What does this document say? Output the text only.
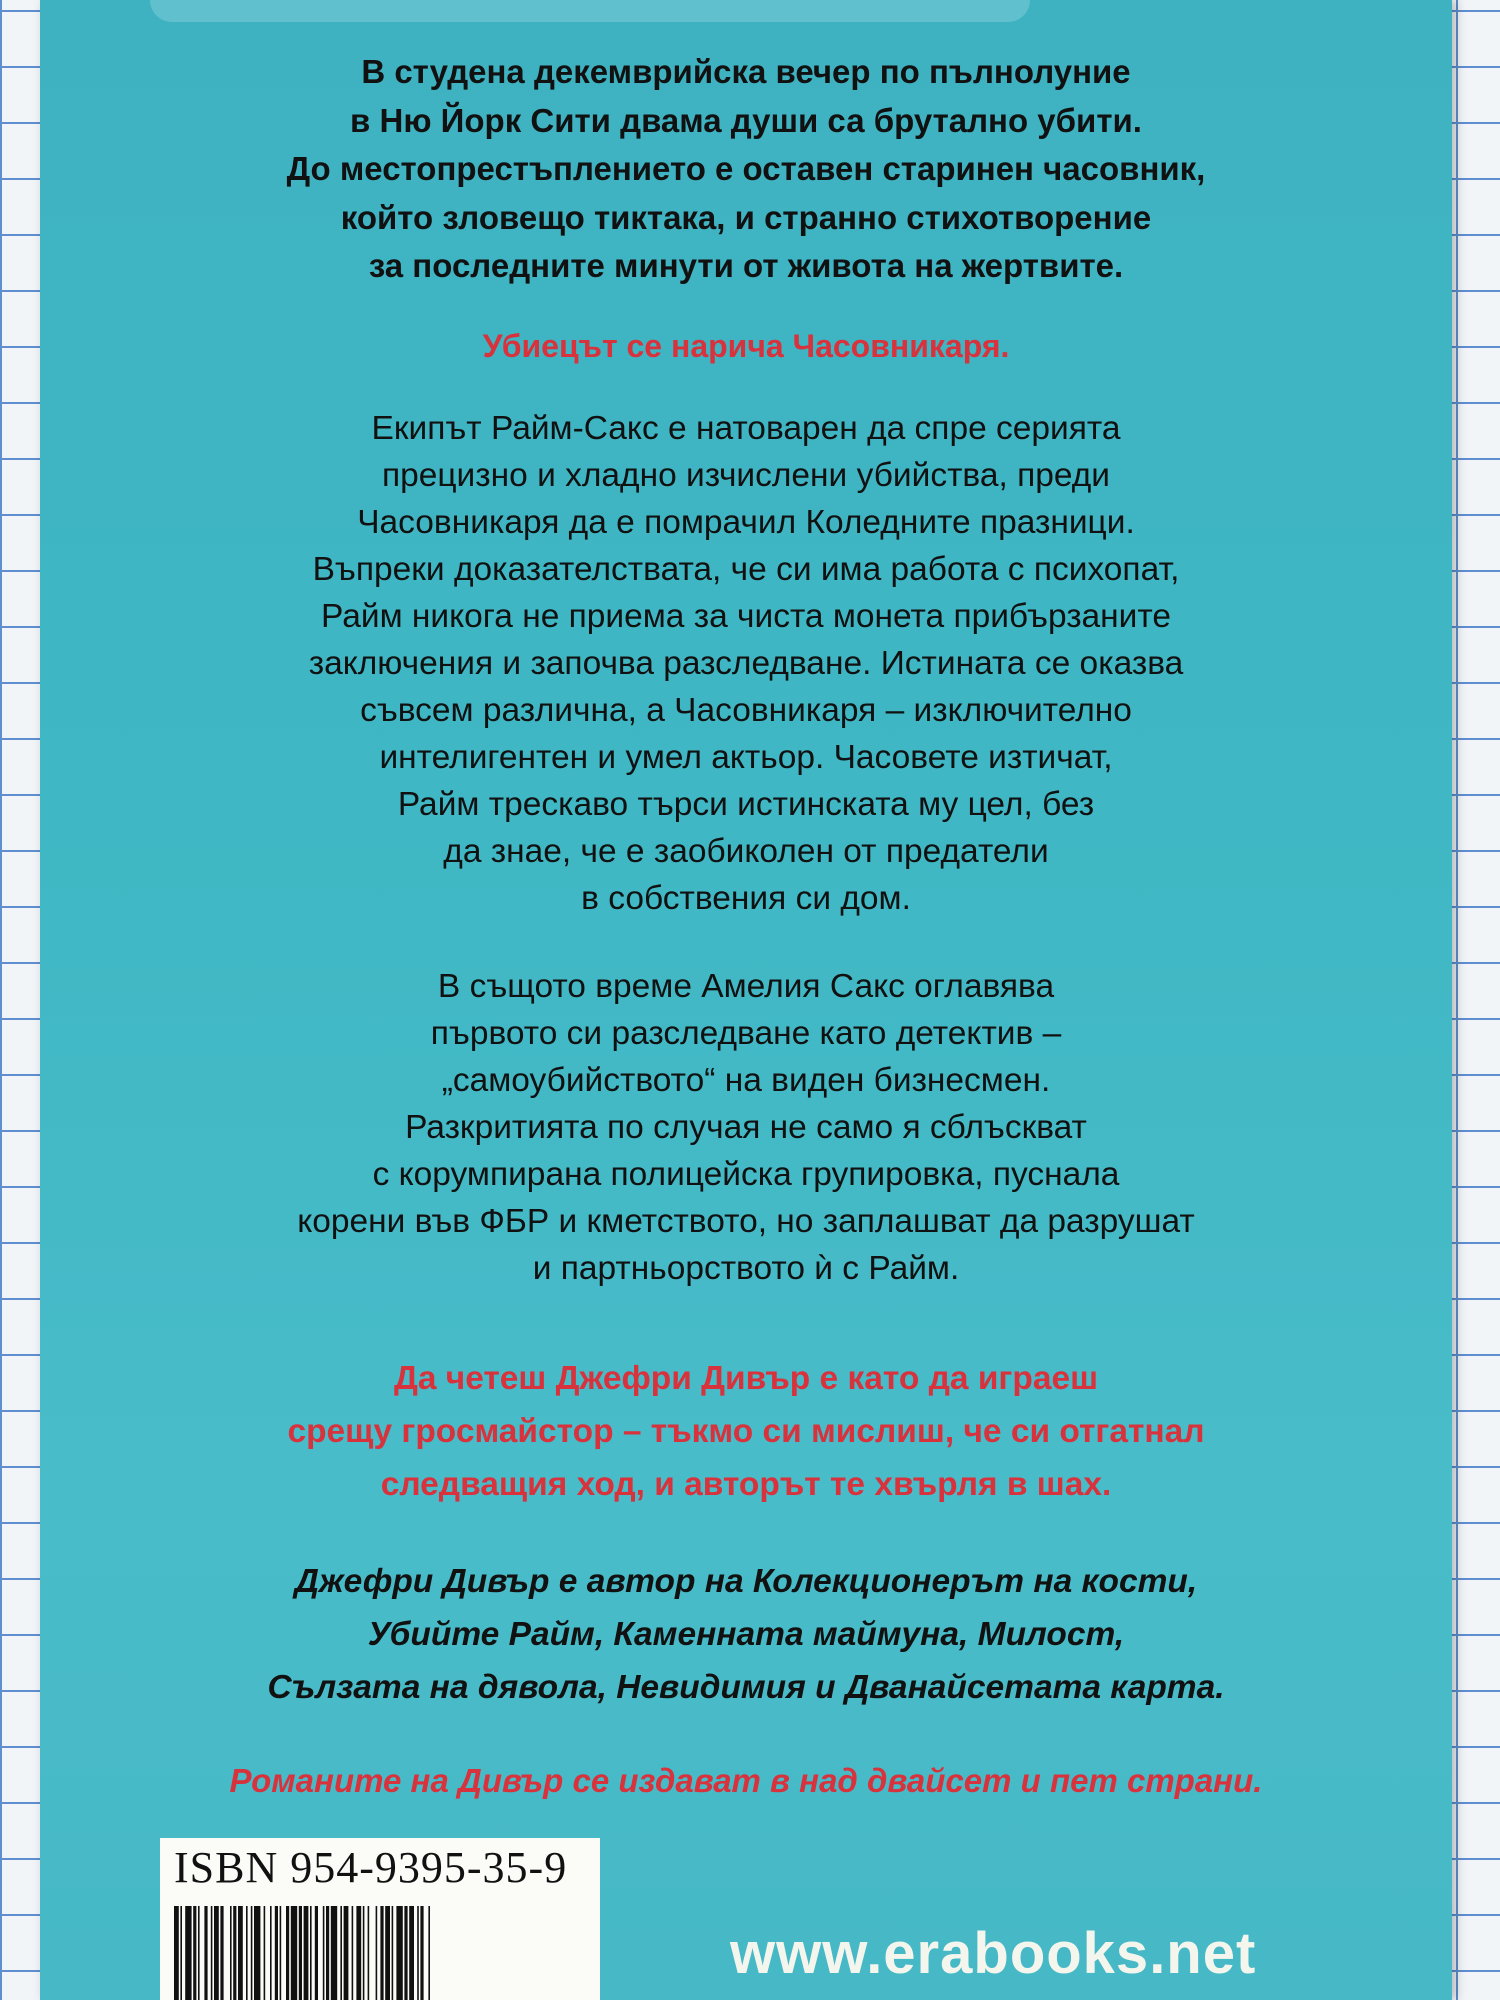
В студена декемврийска вечер по пълнолуние
в Ню Йорк Сити двама души са брутално убити.
До местопрестъплението е оставен старинен часовник,
който зловещо тиктака, и странно стихотворение
за последните минути от живота на жертвите.
Убиецът се нарича Часовникаря.
Екипът Райм-Сакс е натоварен да спре серията
прецизно и хладно изчислени убийства, преди
Часовникаря да е помрачил Коледните празници.
Въпреки доказателствата, че си има работа с психопат,
Райм никога не приема за чиста монета прибързаните
заключения и започва разследване. Истината се оказва
съвсем различна, а Часовникаря – изключително
интелигентен и умел актьор. Часовете изтичат,
Райм трескаво търси истинската му цел, без
да знае, че е заобиколен от предатели
в собствения си дом.
В същото време Амелия Сакс оглавява
първото си разследване като детектив –
„самоубийството“ на виден бизнесмен.
Разкритията по случая не само я сблъскват
с корумпирана полицейска групировка, пуснала
корени във ФБР и кметството, но заплашват да разрушат
и партньорството ѝ с Райм.
Да четеш Джефри Дивър е като да играеш
срещу гросмайстор – тъкмо си мислиш, че си отгатнал
следващия ход, и авторът те хвърля в шах.
Джефри Дивър е автор на Колекционерът на кости,
Убийте Райм, Каменната маймуна, Милост,
Сълзата на дявола, Невидимия и Дванайсетата карта.
Романите на Дивър се издават в над двайсет и пет страни.
ISBN 954-9395-35-9
www.erabooks.net
